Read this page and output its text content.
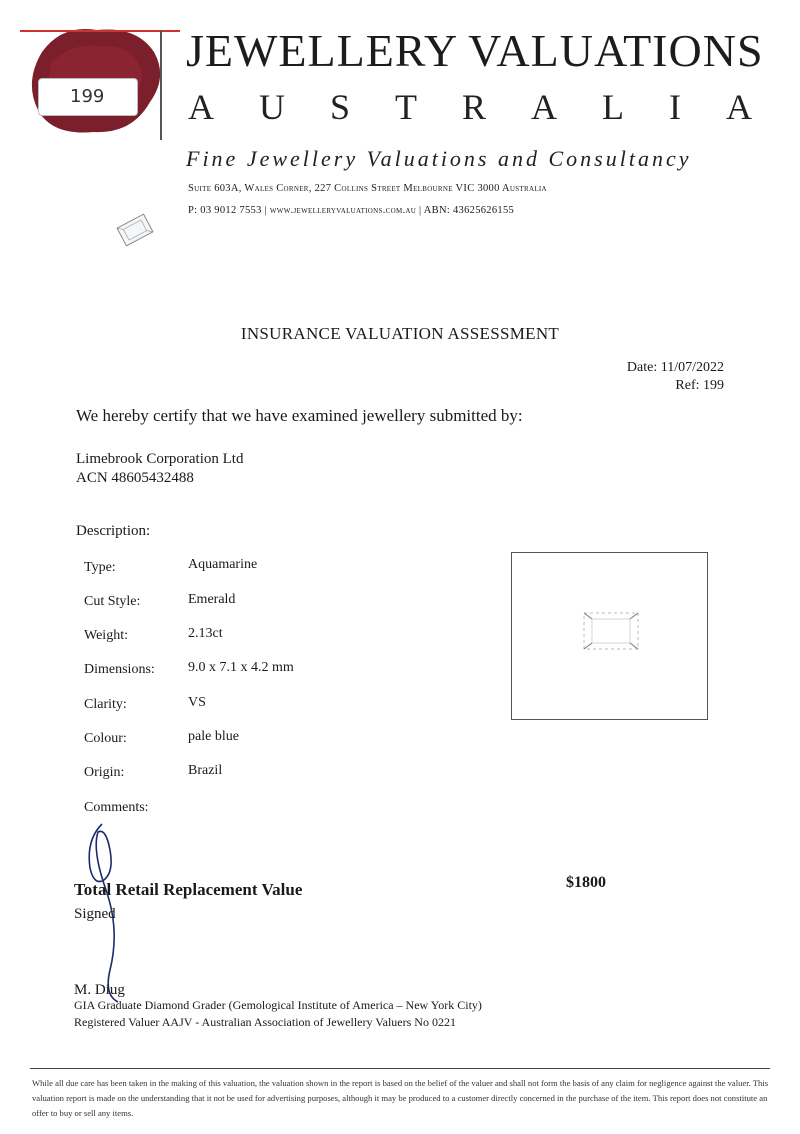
199
JEWELLERY VALUATIONS
AUSTRALIA
Fine Jewellery Valuations and Consultancy
Suite 603A, Wales Corner, 227 Collins Street Melbourne VIC 3000 Australia
P: 03 9012 7553 | www.jewelleryvaluations.com.au | ABN: 43625626155
INSURANCE VALUATION ASSESSMENT
Date: 11/07/2022
Ref: 199
We hereby certify that we have examined jewellery submitted by:
Limebrook Corporation Ltd
ACN 48605432488
Description:
Type:	Aquamarine
Cut Style:	Emerald
Weight:	2.13ct
Dimensions: 9.0 x 7.1 x 4.2 mm
Clarity:	VS
Colour:	pale blue
Origin:	Brazil
Comments:
Total Retail Replacement Value	$1800
Signed
M. Diug
GIA Graduate Diamond Grader (Gemological Institute of America – New York City)
Registered Valuer AAJV - Australian Association of Jewellery Valuers No 0221
While all due care has been taken in the making of this valuation, the valuation shown in the report is based on the belief of the valuer and shall not form the basis of any claim for negligence against the valuer. This valuation report is made on the understanding that it not be used for advertising purposes, although it may be produced to a customer directly concerned in the purchase of the item. This report does not constitute an offer to buy or sell any items.
